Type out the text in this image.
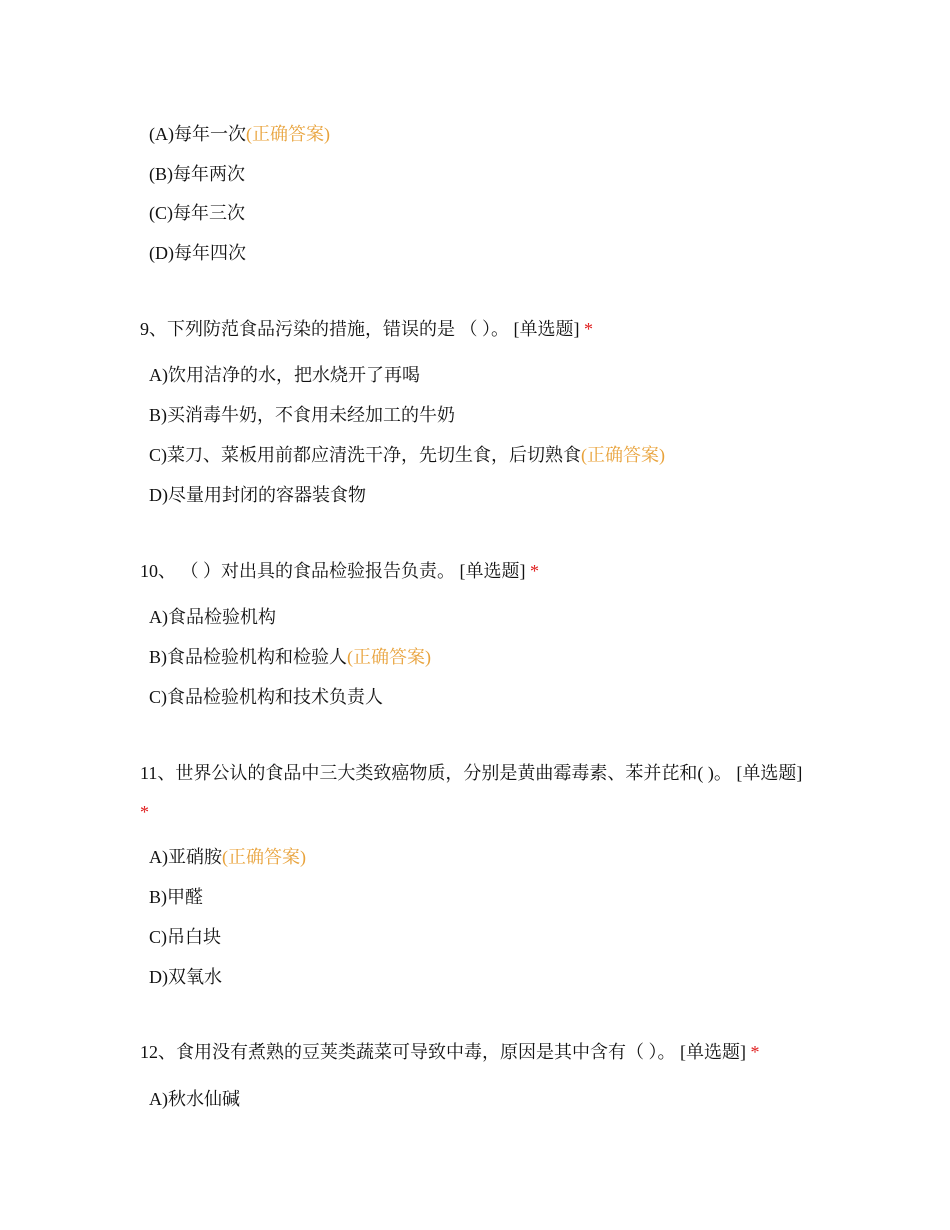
(A)每年一次(正确答案)
(B)每年两次
(C)每年三次
(D)每年四次
9、下列防范食品污染的措施，错误的是 （ ）。 [单选题] *
A)饮用洁净的水，把水烧开了再喝
B)买消毒牛奶，不食用未经加工的牛奶
C)菜刀、菜板用前都应清洗干净，先切生食，后切熟食(正确答案)
D)尽量用封闭的容器装食物
10、 （ ）对出具的食品检验报告负责。 [单选题] *
A)食品检验机构
B)食品检验机构和检验人(正确答案)
C)食品检验机构和技术负责人
11、世界公认的食品中三大类致癌物质，分别是黄曲霉毒素、苯并芘和( )。 [单选题] *
A)亚硝胺(正确答案)
B)甲醛
C)吊白块
D)双氧水
12、食用没有煮熟的豆荚类蔬菜可导致中毒，原因是其中含有（ ）。 [单选题] *
A)秋水仙碱
